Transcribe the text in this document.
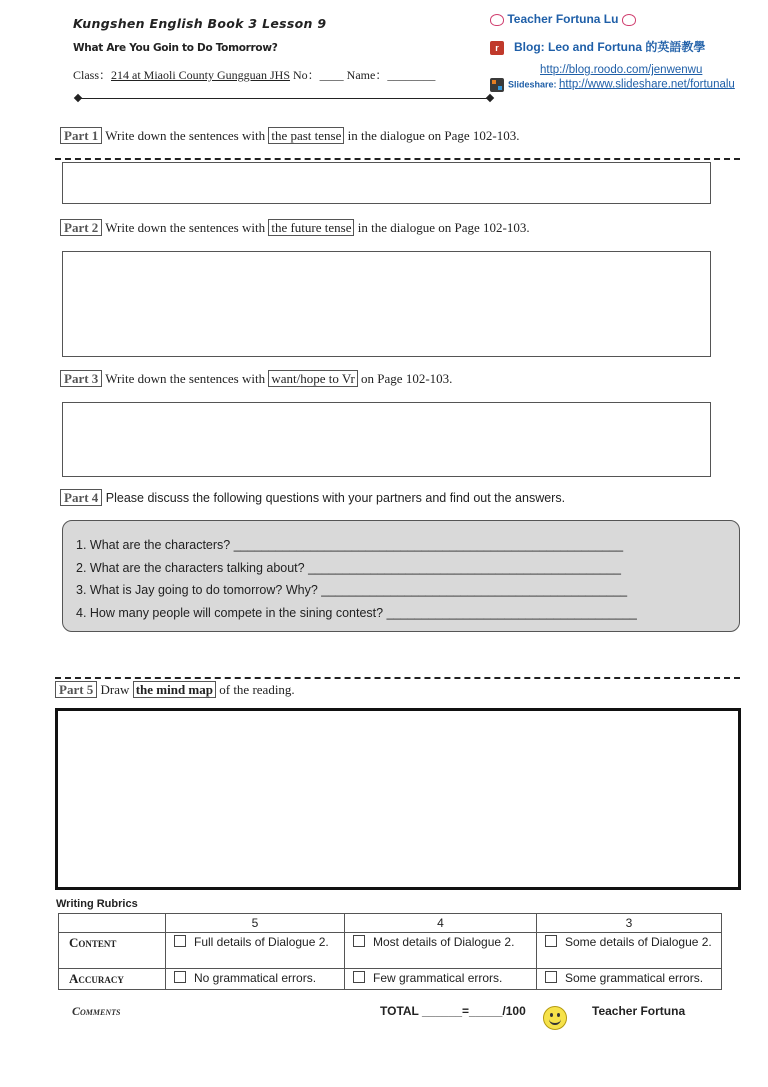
Kungshen English Book 3 Lesson 9
What Are You Goin to Do Tomorrow?
Class：214 at Miaoli County Gungguan JHS No：____ Name：________
Teacher Fortuna Lu
r Blog: Leo and Fortuna 的英語教學
http://blog.roodo.com/jenwenwu
Slideshare: http://www.slideshare.net/fortunalu
Part 1 Write down the sentences with the past tense in the dialogue on Page 102-103.
Part 2 Write down the sentences with the future tense in the dialogue on Page 102-103.
Part 3 Write down the sentences with want/hope to Vr on Page 102-103.
Part 4 Please discuss the following questions with your partners and find out the answers.
1. What are the characters? ________________________________________________________
2. What are the characters talking about? _____________________________________________
3. What is Jay going to do tomorrow? Why? ____________________________________________
4. How many people will compete in the sining contest? ____________________________________
Part 5 Draw the mind map of the reading.
Writing Rubrics
	5	4	3
Content	Full details of Dialogue 2.	Most details of Dialogue 2.	Some details of Dialogue 2.
Accuracy	No grammatical errors.	Few grammatical errors.	Some grammatical errors.
Comments	TOTAL ______=_____/100	Teacher Fortuna
